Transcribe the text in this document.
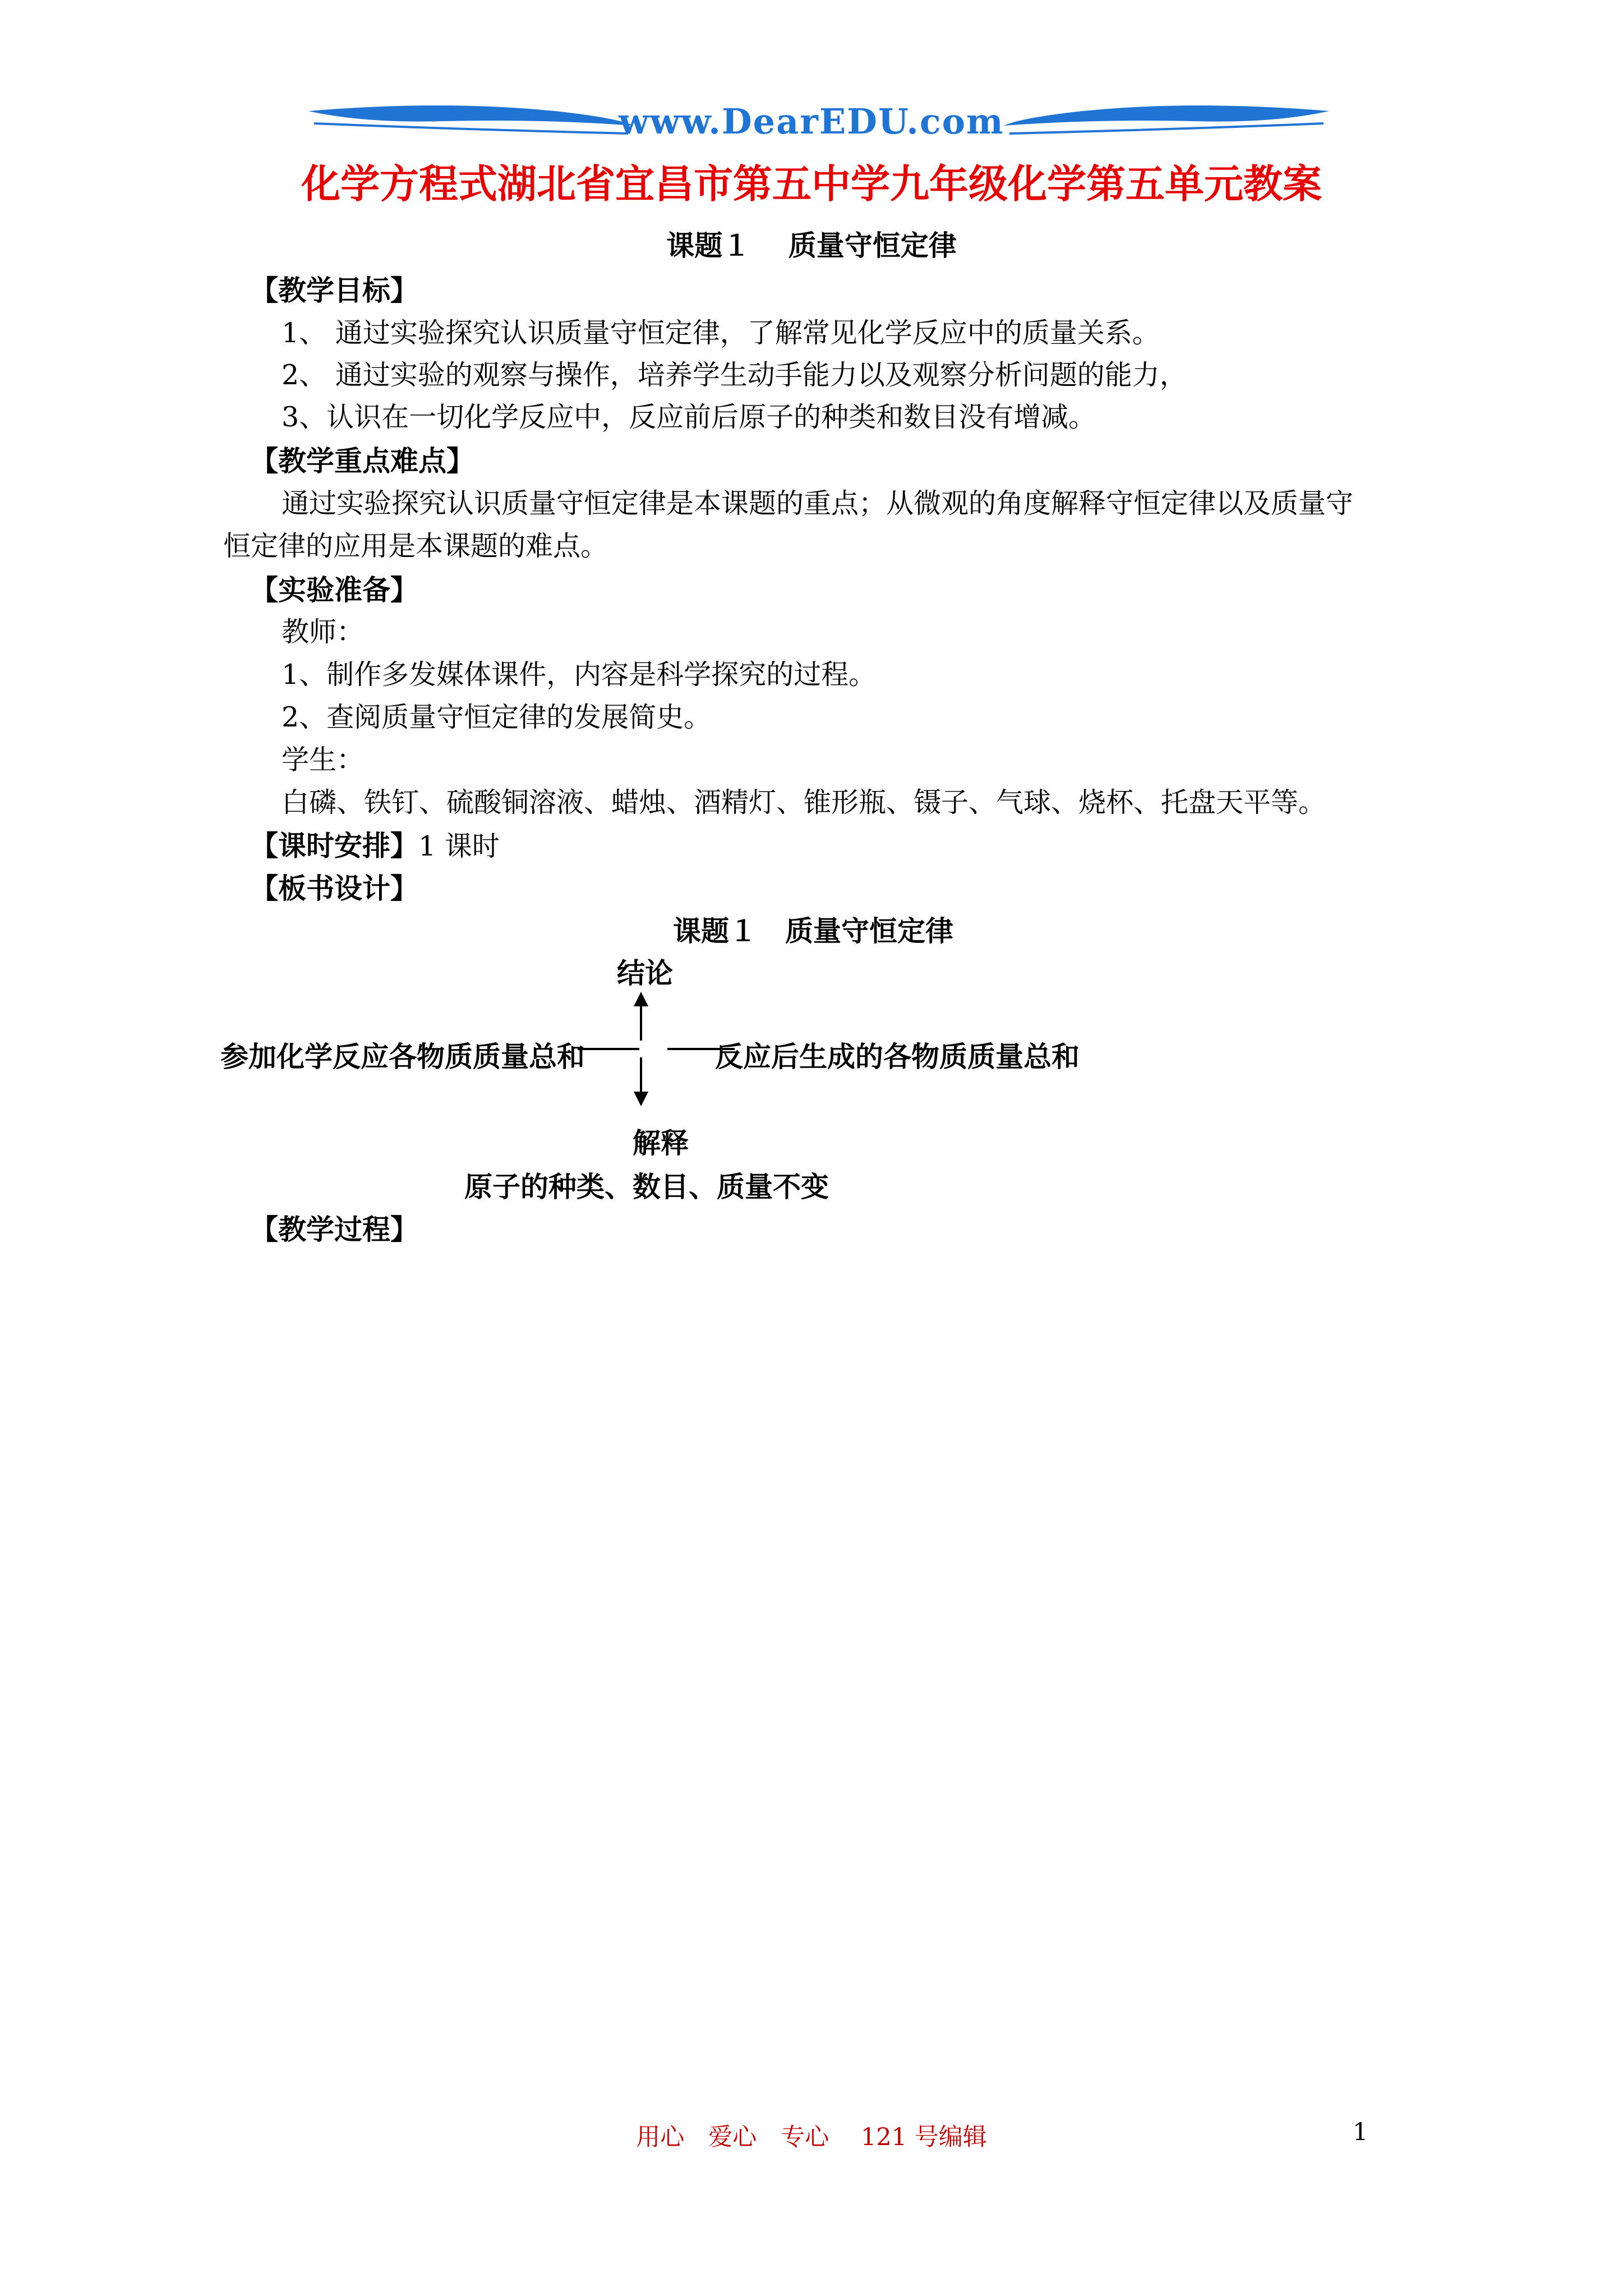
www.DearEDU.com
化学方程式湖北省宜昌市第五中学九年级化学第五单元教案
课题１　 质量守恒定律
【教学目标】
1、 通过实验探究认识质量守恒定律，了解常见化学反应中的质量关系。
2、 通过实验的观察与操作，培养学生动手能力以及观察分析问题的能力，
3、认识在一切化学反应中，反应前后原子的种类和数目没有增减。
【教学重点难点】
通过实验探究认识质量守恒定律是本课题的重点；从微观的角度解释守恒定律以及质量守
恒定律的应用是本课题的难点。
【实验准备】
教师：
1、制作多发媒体课件，内容是科学探究的过程。
2、查阅质量守恒定律的发展简史。
学生：
白磷、铁钉、硫酸铜溶液、蜡烛、酒精灯、锥形瓶、镊子、气球、烧杯、托盘天平等。
【课时安排】1 课时
【板书设计】
课题１　质量守恒定律
结论
参加化学反应各物质质量总和	反应后生成的各物质质量总和
解释
原子的种类、数目、质量不变
【教学过程】
用心　爱心　专心　 121 号编辑	1
